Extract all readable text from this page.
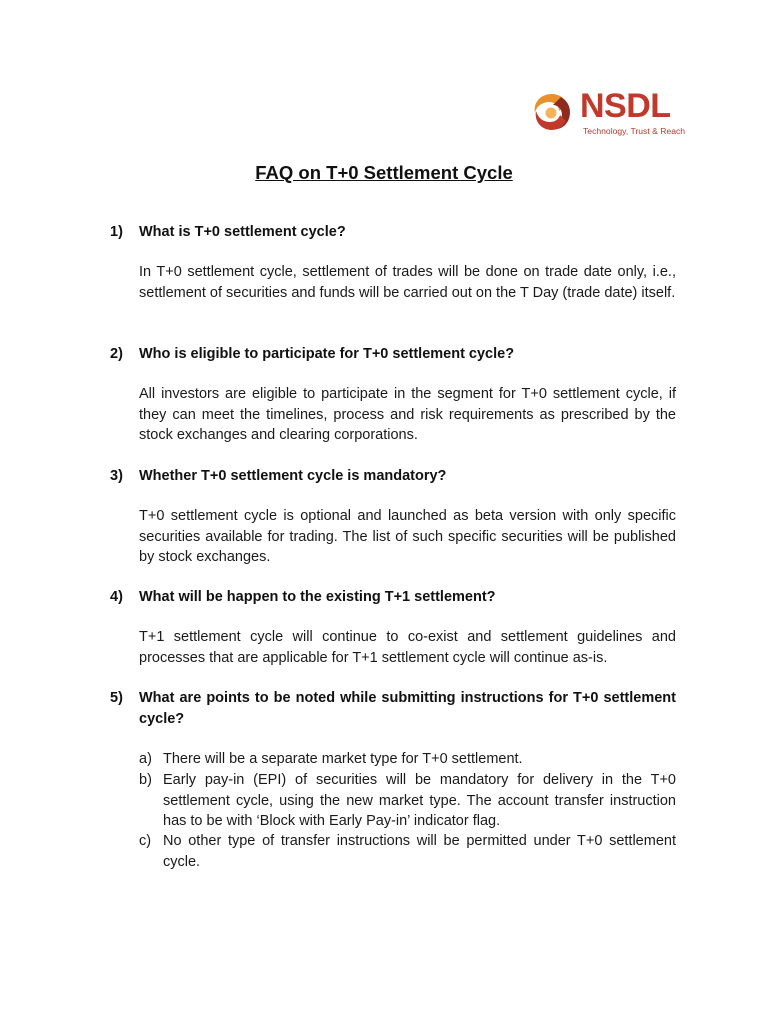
NSDL
Technology, Trust & Reach
FAQ on T+0 Settlement Cycle
1)	What is T+0 settlement cycle?
In T+0 settlement cycle, settlement of trades will be done on trade date only, i.e., settlement of securities and funds will be carried out on the T Day (trade date) itself.
2)	Who is eligible to participate for T+0 settlement cycle?
All investors are eligible to participate in the segment for T+0 settlement cycle, if they can meet the timelines, process and risk requirements as prescribed by the stock exchanges and clearing corporations.
3)	Whether T+0 settlement cycle is mandatory?
T+0 settlement cycle is optional and launched as beta version with only specific securities available for trading. The list of such specific securities will be published by stock exchanges.
4)	What will be happen to the existing T+1 settlement?
T+1 settlement cycle will continue to co-exist and settlement guidelines and processes that are applicable for T+1 settlement cycle will continue as-is.
5)	What are points to be noted while submitting instructions for T+0 settlement cycle?
a) There will be a separate market type for T+0 settlement.
b) Early pay-in (EPI) of securities will be mandatory for delivery in the T+0 settlement cycle, using the new market type. The account transfer instruction has to be with ‘Block with Early Pay-in’ indicator flag.
c) No other type of transfer instructions will be permitted under T+0 settlement cycle.
